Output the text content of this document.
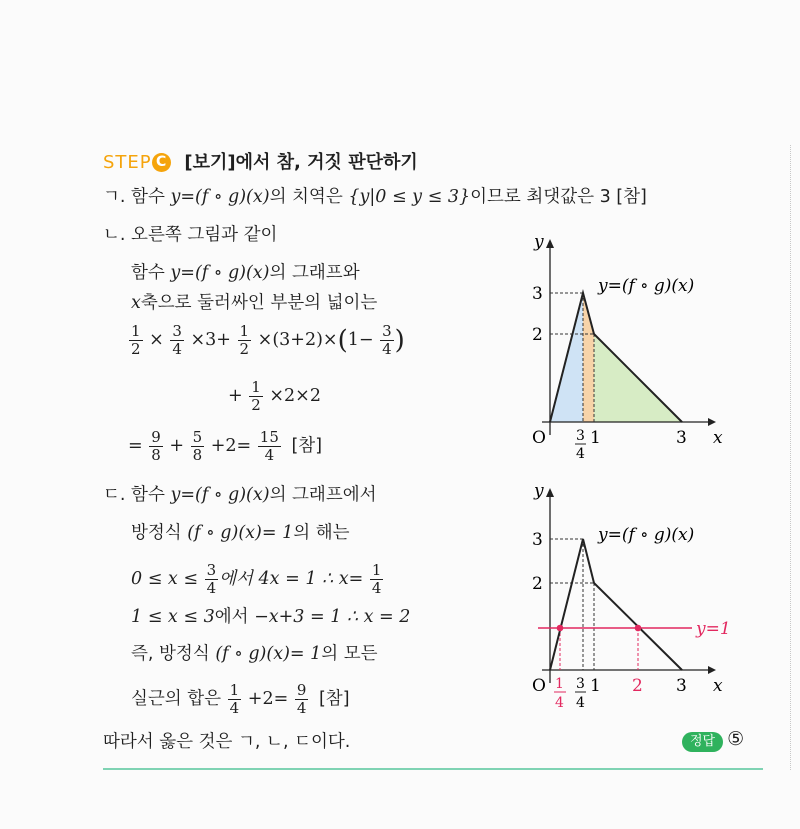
STEP C [보기]에서 참, 거짓 판단하기
ㄱ. 함수 y=(f ∘ g)(x)의 치역은 {y|0 ≤ y ≤ 3}이므로 최댓값은 3 [참]
ㄴ. 오른쪽 그림과 같이
함수 y=(f ∘ g)(x)의 그래프와
x축으로 둘러싸인 부분의 넓이는
$\frac{1}{2} \times \frac{3}{4} \times 3+ \frac{1}{2} \times(3+2)\times(1- \frac{3}{4}$ )
+ $\frac{1}{2} \times 2\times 2$
= $\frac{9}{8} + \frac{5}{8} +2= \frac{15}{4}$ [참]
ㄷ. 함수 y=(f ∘ g)(x)의 그래프에서
방정식 (f ∘ g)(x)= 1의 해는
$0 \le x \le \frac{3}{4}$ 에서 4x = 1 ∴ $x= \frac{1}{4}$
1 ≤ x ≤ 3에서 −x+3 = 1 ∴ x = 2
즉, 방정식 (f ∘ g)(x)= 1의 모든
실근의 합은 $\frac{1}{4} +2= \frac{9}{4}$ [참]
따라서 옳은 것은 ㄱ, ㄴ, ㄷ이다.	정답 ⑤
y
x
O
3
2
3
4
1	3
y=(f ∘ g)(x)
y
x
O
3
2
1
4
3
4
1 2 3
y=(f ∘ g)(x)
y=1
